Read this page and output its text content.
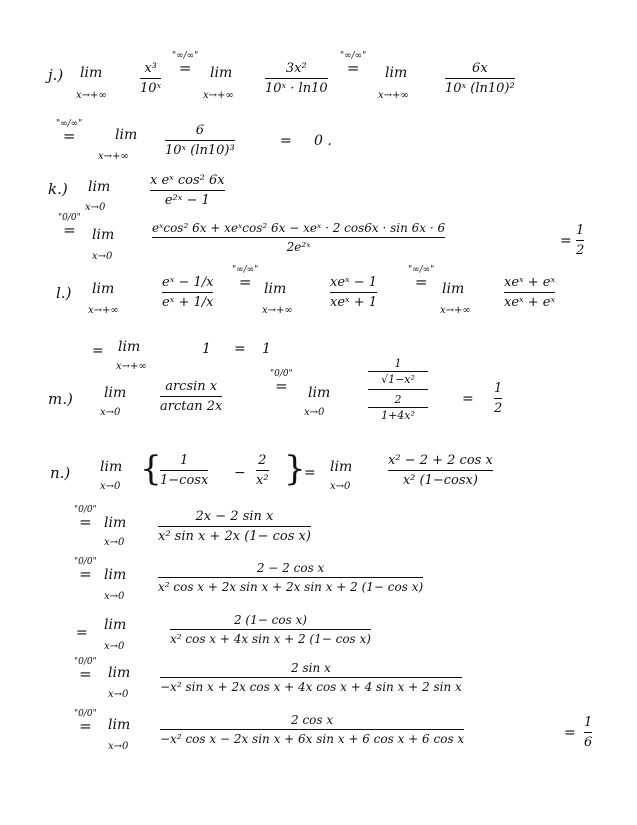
j.) lim
x→+∞
$\frac{\text{x³}}{\text{10ˣ}}$
"∞/∞"
=	lim
x→+∞
$\frac{\text{3x²}}{\text{10ˣ · ln10}}$
"∞/∞"
=	lim
x→+∞
$\frac{6x}{\text{10ˣ (ln10)²}}$
"∞/∞"
=	lim
x→+∞	$\frac{6}{\text{10ˣ (ln10)³}}$	= 0 .
k.) lim
x→0
$\frac{\text{x eˣ cos² 6x}}{\text{e²ˣ − 1}}$
"0/0"
=	lim
x→0
eˣcos² 6x + xeˣcos² 6x − xeˣ · 2 cos6x · sin 6x · 6
2e²ˣ	= $\frac{1}{2}$
l.) lim
x→+∞
$\frac{\text{eˣ − 1/x}}{\text{eˣ + 1/x}}$
"∞/∞"
= lim
x→+∞
xeˣ − 1
xeˣ + 1
"∞/∞"
=	lim
x→+∞
xeˣ + eˣ
xeˣ + eˣ
= lim
x→+∞
1 = 1
m.) lim
x→0	$\frac{\text{arcsin x}}{\arctan 2x}$
"0/0"
=	lim
x→0
1
√1−x²
2
1+4x²
= $\frac{1}{2}$
n.) lim
x→0 {
$\frac{1}{1-\cos x} - \frac{2}{\text{x²}}$ }
= lim
x→0	$\frac{\text{x² − 2 + 2 cos x}}{\text{x² (1−cosx)}}$
"0/0"
= lim
x→0	$\frac{\text{2x − 2 sin x}}{\text{x² sin x + 2x (1− cos x)}}$
"0/0"
= lim
x→0
$\frac{\text{2 − 2 cos x}}{\text{x² cos x + 2x sin x + 2x sin x + 2 (1− cos x)}}$
= lim
x→0
$\frac{\text{2 (1− cos x)}}{\text{x² cos x + 4x sin x + 2 (1− cos x)}}$
"0/0"
=	lim
x→0
$\frac{\text{2 sin x}}{\text{−x² sin x + 2x cos x + 4x cos x + 4 sin x + 2 sin x}}$
"0/0"
=	lim
x→0
$\frac{\text{2 cos x}}{\text{−x² cos x − 2x sin x + 6x sin x + 6 cos x + 6 cos x}}$	= $\frac{1}{6}$
